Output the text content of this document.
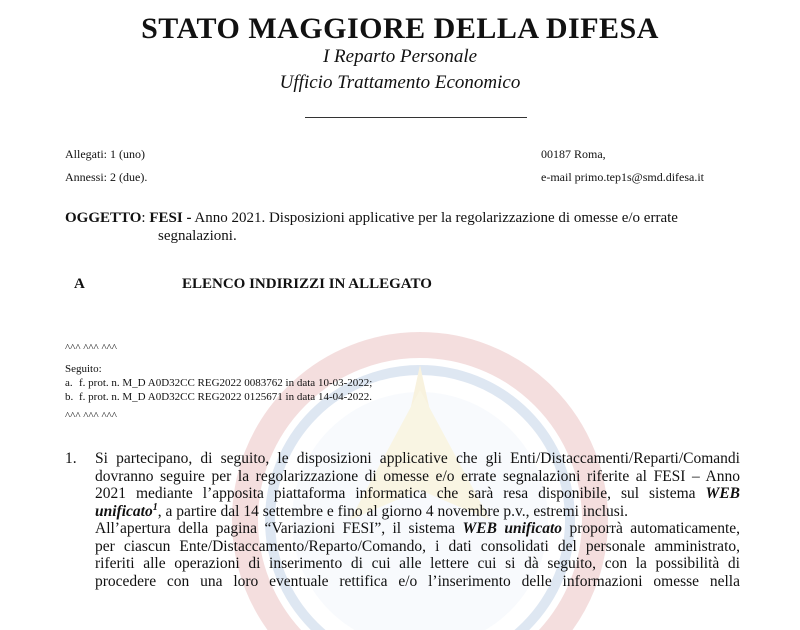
STATO MAGGIORE DELLA DIFESA
I Reparto Personale
Ufficio Trattamento Economico
Allegati: 1 (uno)
Annessi: 2 (due).
00187 Roma,
e-mail primo.tep1s@smd.difesa.it
OGGETTO: FESI - Anno 2021. Disposizioni applicative per la regolarizzazione di omesse e/o errate
segnalazioni.
A	ELENCO INDIRIZZI IN ALLEGATO
^^^ ^^^ ^^^
Seguito:
a. f. prot. n. M_D A0D32CC REG2022 0083762 in data 10-03-2022;
b. f. prot. n. M_D A0D32CC REG2022 0125671 in data 14-04-2022.
^^^ ^^^ ^^^
1. Si partecipano, di seguito, le disposizioni applicative che gli Enti/Distaccamenti/Reparti/Comandi
dovranno seguire per la regolarizzazione di omesse e/o errate segnalazioni riferite al FESI – Anno
2021 mediante l’apposita piattaforma informatica che sarà resa disponibile, sul sistema WEB
unificato$^1$, a partire dal 14 settembre e fino al giorno 4 novembre p.v., estremi inclusi.
All’apertura della pagina “Variazioni FESI”, il sistema WEB unificato proporrà automaticamente,
per ciascun Ente/Distaccamento/Reparto/Comando, i dati consolidati del personale amministrato,
riferiti alle operazioni di inserimento di cui alle lettere cui si dà seguito, con la possibilità di
procedere con una loro eventuale rettifica e/o l’inserimento delle informazioni omesse nella
